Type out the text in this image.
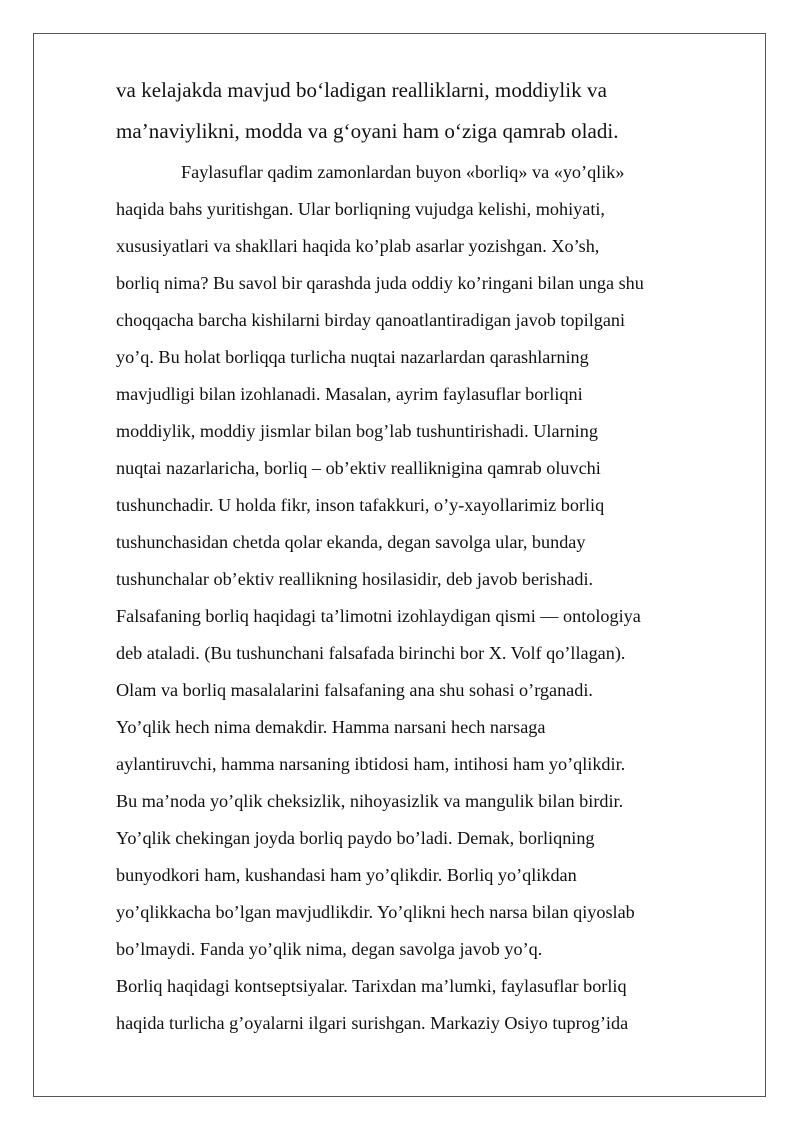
va kelajakda mavjud bo‘ladigan realliklarni, moddiylik va

ma’naviylikni, modda va g‘oyani ham o‘ziga qamrab oladi.

Faylasuflar qadim zamonlardan buyon «borliq» va «yo’qlik»

haqida bahs yuritishgan. Ular borliqning vujudga kelishi, mohiyati,

xususiyatlari va shakllari haqida ko’plab asarlar yozishgan. Xo’sh,

borliq nima? Bu savol bir qarashda juda oddiy ko’ringani bilan unga shu

choqqacha barcha kishilarni birday qanoatlantiradigan javob topilgani

yo’q. Bu holat borliqqa turlicha nuqtai nazarlardan qarashlarning

mavjudligi bilan izohlanadi. Masalan, ayrim faylasuflar borliqni

moddiylik, moddiy jismlar bilan bog’lab tushuntirishadi. Ularning

nuqtai nazarlaricha, borliq – ob’ektiv reallikniginа qamrab oluvchi

tushunchadir. U holda fikr, inson tafakkuri, o’y-xayollarimiz borliq

tushunchasidan chetda qolar ekanda, degan savolga ular, bunday

tushunchalar ob’ektiv reallikning hosilasidir, deb javob berishadi.

Falsafaning borliq haqidagi ta’limotni izohlaydigan qismi — ontologiya

deb ataladi. (Bu tushunchani falsafada birinchi bor X. Volf qo’llagan).

Olam va borliq masalalarini falsafaning ana shu sohasi o’rganadi.

Yo’qlik hech nima demakdir. Hamma narsani hech narsaga

aylantiruvchi, hamma narsaning ibtidosi ham, intihosi ham yo’qlikdir.

Bu ma’noda yo’qlik cheksizlik, nihoyasizlik va mangulik bilan birdir.

Yo’qlik chekingan joyda borliq paydo bo’ladi. Demak, borliqning

bunyodkori ham, kushandasi ham yo’qlikdir. Borliq yo’qlikdan

yo’qlikkacha bo’lgan mavjudlikdir. Yo’qlikni hech narsa bilan qiyoslab

bo’lmaydi. Fanda yo’qlik nima, degan savolga javob yo’q.

Borliq haqidagi kontseptsiyalar. Tarixdan ma’lumki, faylasuflar borliq

haqida turlicha g’oyalarni ilgari surishgan. Markaziy Osiyo tuprog’ida
